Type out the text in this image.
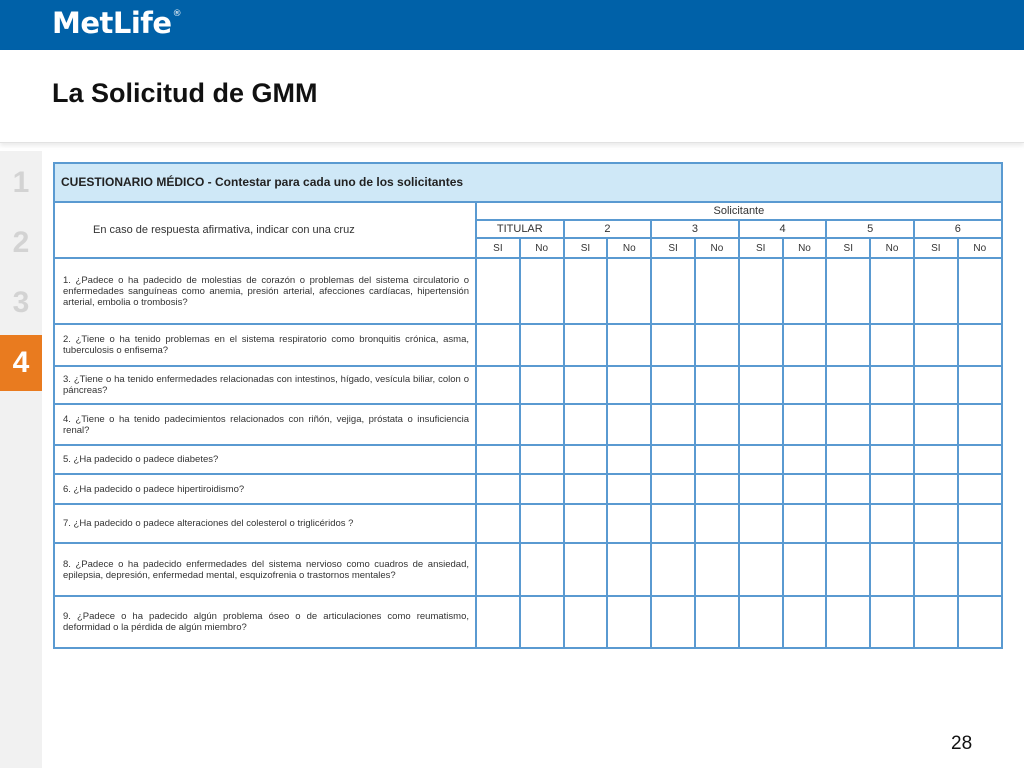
MetLife®
La Solicitud de GMM
1
2
3
4
CUESTIONARIO MÉDICO - Contestar para cada uno de los solicitantes												
En caso de respuesta afirmativa, indicar con una cruz	Solicitante											
	TITULAR		2		3		4		5		6	
	SI	No	SI	No	SI	No	SI	No	SI	No	SI	No
1. ¿Padece o ha padecido de molestias de corazón o problemas del sistema circulatorio o enfermedades sanguíneas como anemia, presión arterial, afecciones cardíacas, hipertensión arterial, embolia o trombosis?												
2. ¿Tiene o ha tenido problemas en el sistema respiratorio como bronquitis crónica, asma, tuberculosis o enfisema?												
3. ¿Tiene o ha tenido enfermedades relacionadas con intestinos, hígado, vesícula biliar, colon o páncreas?												
4. ¿Tiene o ha tenido padecimientos relacionados con riñón, vejiga, próstata o insuficiencia renal?												
5. ¿Ha padecido o padece diabetes?												
6. ¿Ha padecido o padece hipertiroidismo?												
7. ¿Ha padecido o padece alteraciones del colesterol o triglicéridos ?												
8. ¿Padece o ha padecido enfermedades del sistema nervioso como cuadros de ansiedad, epilepsia, depresión, enfermedad mental, esquizofrenia o trastornos mentales?												
9. ¿Padece o ha padecido algún problema óseo o de articulaciones como reumatismo, deformidad o la pérdida de algún miembro?												
28
